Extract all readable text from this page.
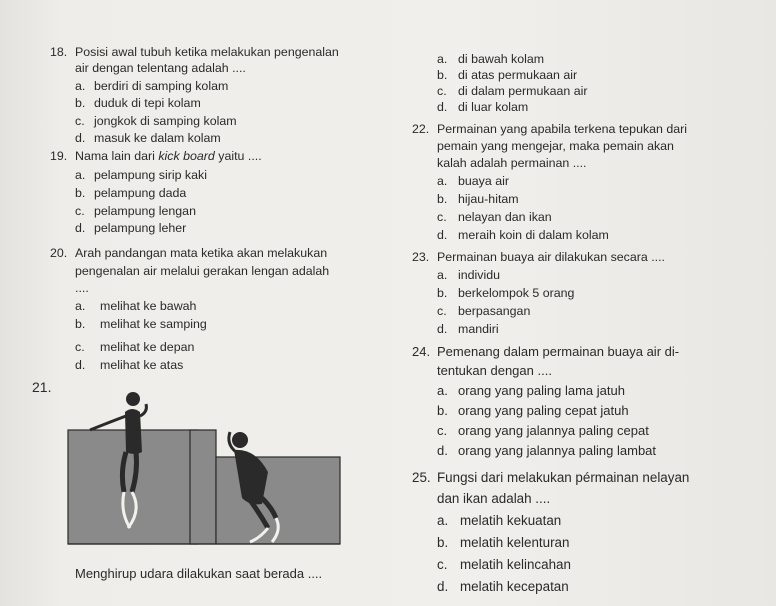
18. Posisi awal tubuh ketika melakukan pengenalan
air dengan telentang adalah ....
a. berdiri di samping kolam
b. duduk di tepi kolam
c. jongkok di samping kolam
d. masuk ke dalam kolam
19. Nama lain dari kick board yaitu ....
a. pelampung sirip kaki
b. pelampung dada
c. pelampung lengan
d. pelampung leher
20. Arah pandangan mata ketika akan melakukan
pengenalan air melalui gerakan lengan adalah
....
a. melihat ke bawah
b. melihat ke samping
c. melihat ke depan
d. melihat ke atas
21.
Menghirup udara dilakukan saat berada ....
a. di bawah kolam
b. di atas permukaan air
c. di dalam permukaan air
d. di luar kolam
22. Permainan yang apabila terkena tepukan dari
pemain yang mengejar, maka pemain akan
kalah adalah permainan ....
a. buaya air
b. hijau-hitam
c. nelayan dan ikan
d. meraih koin di dalam kolam
23. Permainan buaya air dilakukan secara ....
a. individu
b. berkelompok 5 orang
c. berpasangan
d. mandiri
24. Pemenang dalam permainan buaya air di-
tentukan dengan ....
a. orang yang paling lama jatuh
b. orang yang paling cepat jatuh
c. orang yang jalannya paling cepat
d. orang yang jalannya paling lambat
25. Fungsi dari melakukan pérmainan nelayan
dan ikan adalah ....
a. melatih kekuatan
b. melatih kelenturan
c. melatih kelincahan
d. melatih kecepatan
